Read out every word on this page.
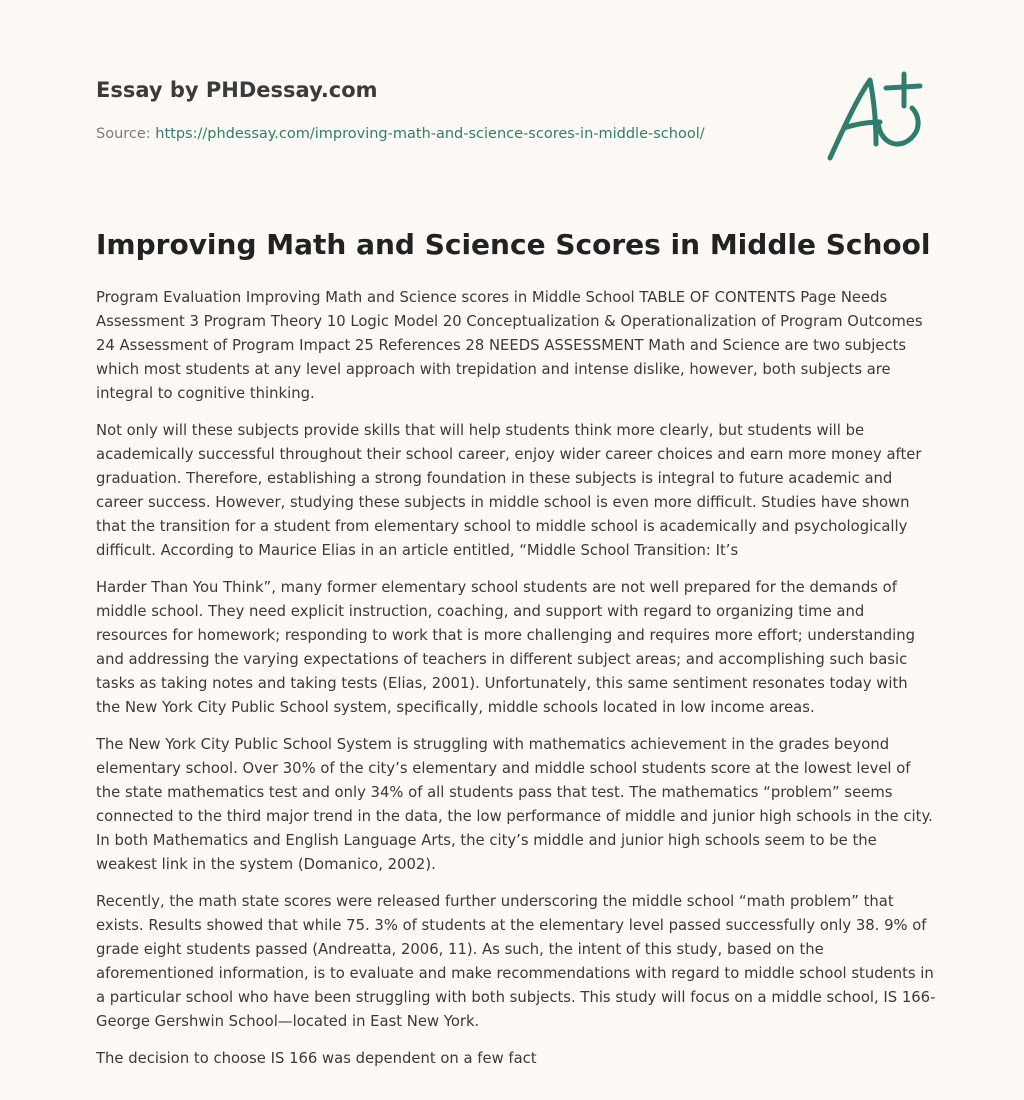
Essay by PHDessay.com
Source: https://phdessay.com/improving-math-and-science-scores-in-middle-school/
Improving Math and Science Scores in Middle School

Program Evaluation Improving Math and Science scores in Middle School TABLE OF CONTENTS Page Needs Assessment 3 Program Theory 10 Logic Model 20 Conceptualization & Operationalization of Program Outcomes 24 Assessment of Program Impact 25 References 28 NEEDS ASSESSMENT Math and Science are two subjects which most students at any level approach with trepidation and intense dislike, however, both subjects are integral to cognitive thinking.

Not only will these subjects provide skills that will help students think more clearly, but students will be academically successful throughout their school career, enjoy wider career choices and earn more money after graduation. Therefore, establishing a strong foundation in these subjects is integral to future academic and career success. However, studying these subjects in middle school is even more difficult. Studies have shown that the transition for a student from elementary school to middle school is academically and psychologically difficult. According to Maurice Elias in an article entitled, “Middle School Transition: It’s

Harder Than You Think”, many former elementary school students are not well prepared for the demands of middle school. They need explicit instruction, coaching, and support with regard to organizing time and resources for homework; responding to work that is more challenging and requires more effort; understanding and addressing the varying expectations of teachers in different subject areas; and accomplishing such basic tasks as taking notes and taking tests (Elias, 2001). Unfortunately, this same sentiment resonates today with the New York City Public School system, specifically, middle schools located in low income areas.

The New York City Public School System is struggling with mathematics achievement in the grades beyond elementary school. Over 30% of the city’s elementary and middle school students score at the lowest level of the state mathematics test and only 34% of all students pass that test. The mathematics “problem” seems connected to the third major trend in the data, the low performance of middle and junior high schools in the city. In both Mathematics and English Language Arts, the city’s middle and junior high schools seem to be the weakest link in the system (Domanico, 2002).

Recently, the math state scores were released further underscoring the middle school “math problem” that exists. Results showed that while 75. 3% of students at the elementary level passed successfully only 38. 9% of grade eight students passed (Andreatta, 2006, 11). As such, the intent of this study, based on the aforementioned information, is to evaluate and make recommendations with regard to middle school students in a particular school who have been struggling with both subjects. This study will focus on a middle school, IS 166- George Gershwin School—located in East New York.

The decision to choose IS 166 was dependent on a few fact
